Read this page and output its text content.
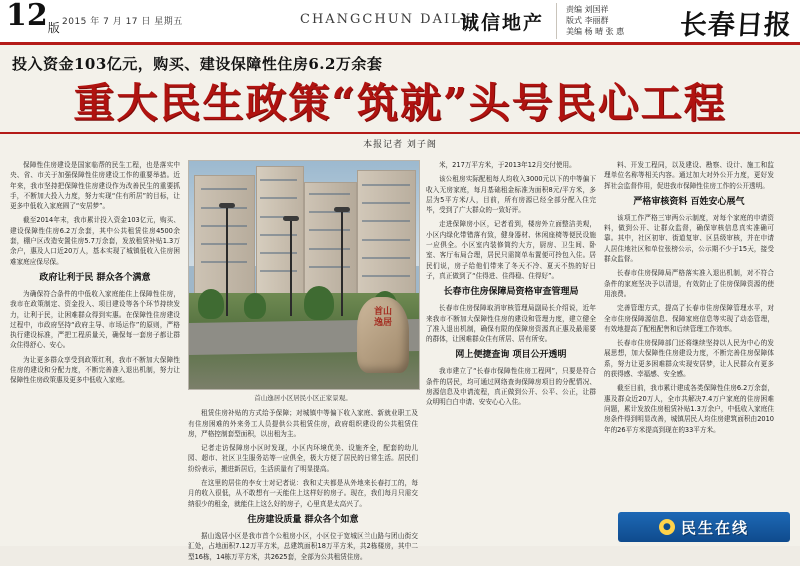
12 版 2015 年 7 月 17 日 星期五	CHANGCHUN DAILY
诚信地产
责编 刘国祥
版式 李丽群
美编 杨 晴 张 惠	长春日报
投入资金103亿元，购买、建设保障性住房6.2万余套
重大民生政策“筑就”头号民心工程
本报记者 刘子阁

保障性住房建设是国家临帮的民生工程，也是落实中央、省、市关于加强保障性住房建设工作的重要举措。近年来，我市坚持把保障性住房建设作为改善民生的重要抓手，不断加大投入力度，努力实现“住有所居”的目标，让更多中低收入家庭圆了“安居梦”。

截至2014年末，我市累计投入资金103亿元，购买、建设保障性住房6.2万余套，其中公共租赁住房4500余套，棚户区改造安置住房5.7万余套，发放租赁补贴1.3万余户，惠及人口近20万人，基本实现了城镇低收入住房困难家庭应保尽保。

政府让利于民 群众各个满意

为确保符合条件的中低收入家庭能住上保障性住房，我市在政策制定、资金投入、项目建设等各个环节持续发力，让利于民，让困难群众得到实惠。在保障性住房建设过程中，市政府坚持“政府主导、市场运作”的原则，严格执行建设标准，严把工程质量关，确保每一套房子都让群众住得舒心、安心。

为让更多群众享受到政策红利，我市不断加大保障性住房的建设和分配力度，不断完善准入退出机制，努力让保障性住房政策惠及更多中低收入家庭。

首山逸居
首山逸居小区居民小区正家景观。

租赁住房补贴的方式给予保障；对城镇中等偏下收入家庭、新就业职工及有住房困难的外来务工人员提供公共租赁住房，政府组织建设的公共租赁住房，严格控制套型面积，以出租为主。

记者走访保障房小区时发现，小区内环境优美、设施齐全，配套的幼儿园、超市、社区卫生服务站等一应俱全，极大方便了居民的日常生活。居民们纷纷表示，搬进新居后，生活质量有了明显提高。

在这里的居住的李女士对记者说：我和丈夫都是从外地来长春打工的，每月的收入很低，从不敢想有一天能住上这样好的房子。现在，我们每月只需交纳很少的租金，就能住上这么好的房子，心里真是太高兴了。

住房建设质量 群众各个如意

据山逸居小区是我市首个公租房小区，小区位于宽城区兰山路与团山街交汇处，占地面积7.12万平方米，总建筑面积18万平方米，共2栋楼房，其中二型16栋，14栋万平方米，共2625套，全部为公共租赁住房。

米，217万平方米，于2013年12月交付使用。

该公租房实际配租每人均收入3000元以下的中等偏下收入无房家庭，每月基础租金标准为面积8元/平方米，多层为5平方米/人，目前，所有房源已经全部分配入住完毕，受到了广大群众的一致好评。

走进保障房小区，记者看到，楼房外立面整洁美观，小区内绿化带错落有致，健身器材、休闲座椅等便民设施一应俱全。小区室内装修简约大方，厨房、卫生间、卧室、客厅布局合理，居民只需简单布置便可拎包入住。居民们说，房子给他们带来了冬天不冷、夏天不热的好日子，真正做到了“住得进、住得稳、住得好”。

长春市住房保障局资格审查管理局

长春市住房保障取消审核管理局副局长介绍说，近年来我市不断加大保障性住房的建设和管理力度，建立健全了准入退出机制，确保有限的保障房资源真正惠及最需要的群体，让困难群众住有所居、居有所安。

网上便捷查询 项目公开透明

我市建立了“长春市保障性住房工程网”，只要是符合条件的居民，均可通过网络查询保障房项目的分配情况、房源信息及申请流程，真正做到公开、公平、公正，让群众明明白白申请、安安心心入住。

料、开发工程同，以及建设、勘察、设计、施工和监理单位名称等相关内容。通过加大对外公开力度，更好发挥社会监督作用，促进我市保障性住房工作的公开透明。

严格审核资料 百姓安心展气

该项工作严格三审两公示制度，对每个家庭的申请资料，做到公开、让群众监督，确保审核信息真实准确可靠。其中，社区初审、街道复审、区县级审核，并在申请人居住地社区和单位张榜公示，公示期不少于15天，接受群众监督。

长春市住房保障局严格落实准入退出机制，对不符合条件的家庭坚决予以清退，有效防止了住房保障资源的使用浪费。

完善管理方式，提高了长春市住房保障管理水平，对全市住房保障源信息、保障家庭信息等实现了动态管理，有效地提高了配租配售和后续管理工作效率。

长春市住房保障部门还将继续坚持以人民为中心的发展思想，加大保障性住房建设力度，不断完善住房保障体系，努力让更多困难群众实现安居梦，让人民群众有更多的获得感、幸福感、安全感。

截至目前，我市累计建成各类保障性住房6.2万余套，惠及群众近20万人，全市共解决7.4万户家庭的住房困难问题，累计发放住房租赁补贴1.3万余户，中低收入家庭住房条件得到明显改善，城镇居民人均住房建筑面积由2010年的26平方米提高到现在的33平方米。

● 民生在线
